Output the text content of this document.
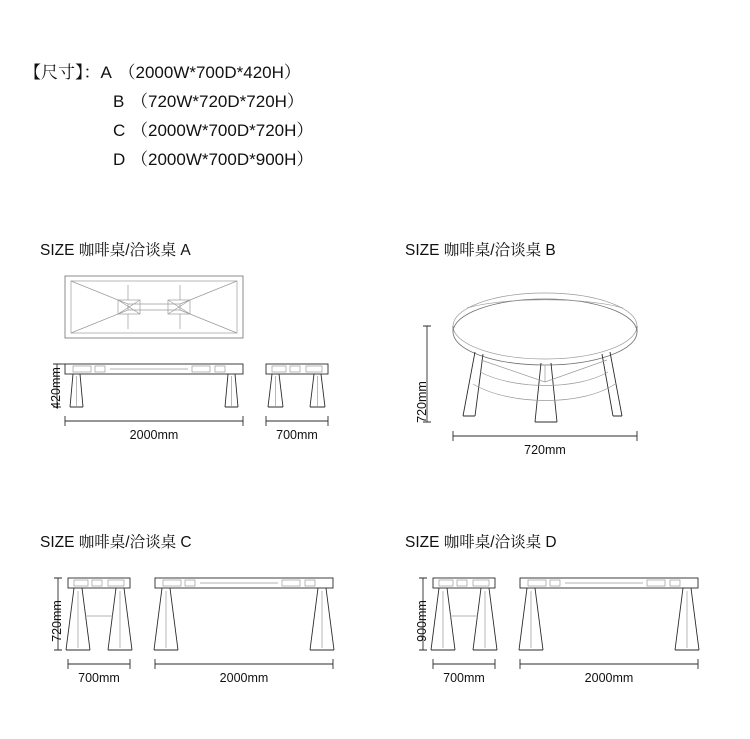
【尺寸】： A （2000W*700D*420H）
B （720W*720D*720H）
C （2000W*700D*720H）
D （2000W*700D*900H）
SIZE 咖啡桌/洽谈桌 A
420mm
2000mm	700mm
SIZE 咖啡桌/洽谈桌 B
720mm
720mm
SIZE 咖啡桌/洽谈桌 C
720mm
700mm	2000mm
SIZE 咖啡桌/洽谈桌 D
900mm
700mm	2000mm
